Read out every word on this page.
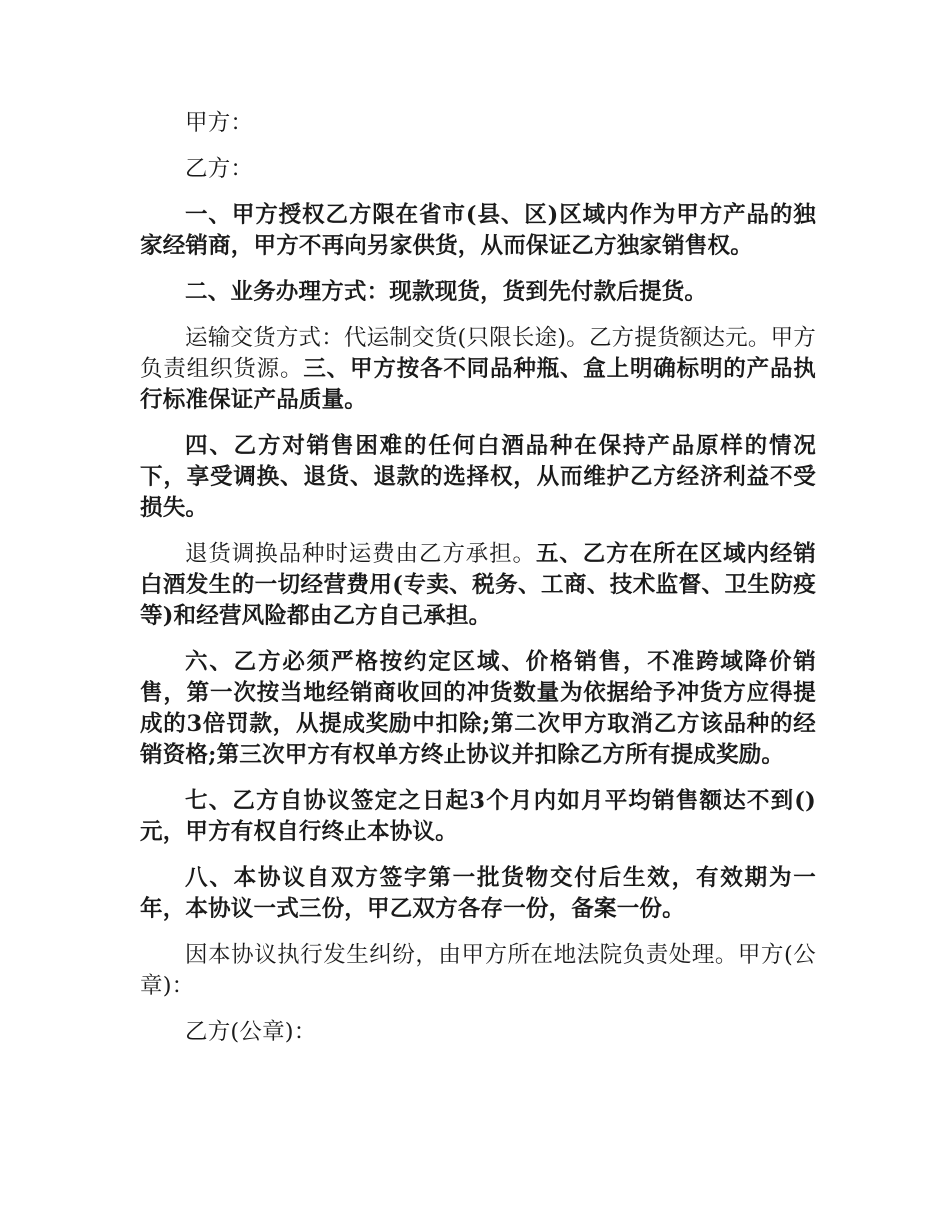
甲方：

乙方：

一、甲方授权乙方限在省市(县、区)区域内作为甲方产品的独家经销商，甲方不再向另家供货，从而保证乙方独家销售权。

二、业务办理方式：现款现货，货到先付款后提货。

运输交货方式：代运制交货(只限长途)。乙方提货额达元。甲方负责组织货源。三、甲方按各不同品种瓶、盒上明确标明的产品执行标准保证产品质量。

四、乙方对销售困难的任何白酒品种在保持产品原样的情况下，享受调换、退货、退款的选择权，从而维护乙方经济利益不受损失。

退货调换品种时运费由乙方承担。五、乙方在所在区域内经销白酒发生的一切经营费用(专卖、税务、工商、技术监督、卫生防疫等)和经营风险都由乙方自己承担。

六、乙方必须严格按约定区域、价格销售，不准跨域降价销售，第一次按当地经销商收回的冲货数量为依据给予冲货方应得提成的3倍罚款，从提成奖励中扣除;第二次甲方取消乙方该品种的经销资格;第三次甲方有权单方终止协议并扣除乙方所有提成奖励。

七、乙方自协议签定之日起3个月内如月平均销售额达不到()元，甲方有权自行终止本协议。

八、本协议自双方签字第一批货物交付后生效，有效期为一年，本协议一式三份，甲乙双方各存一份，备案一份。

因本协议执行发生纠纷，由甲方所在地法院负责处理。甲方(公章)：

乙方(公章)：
